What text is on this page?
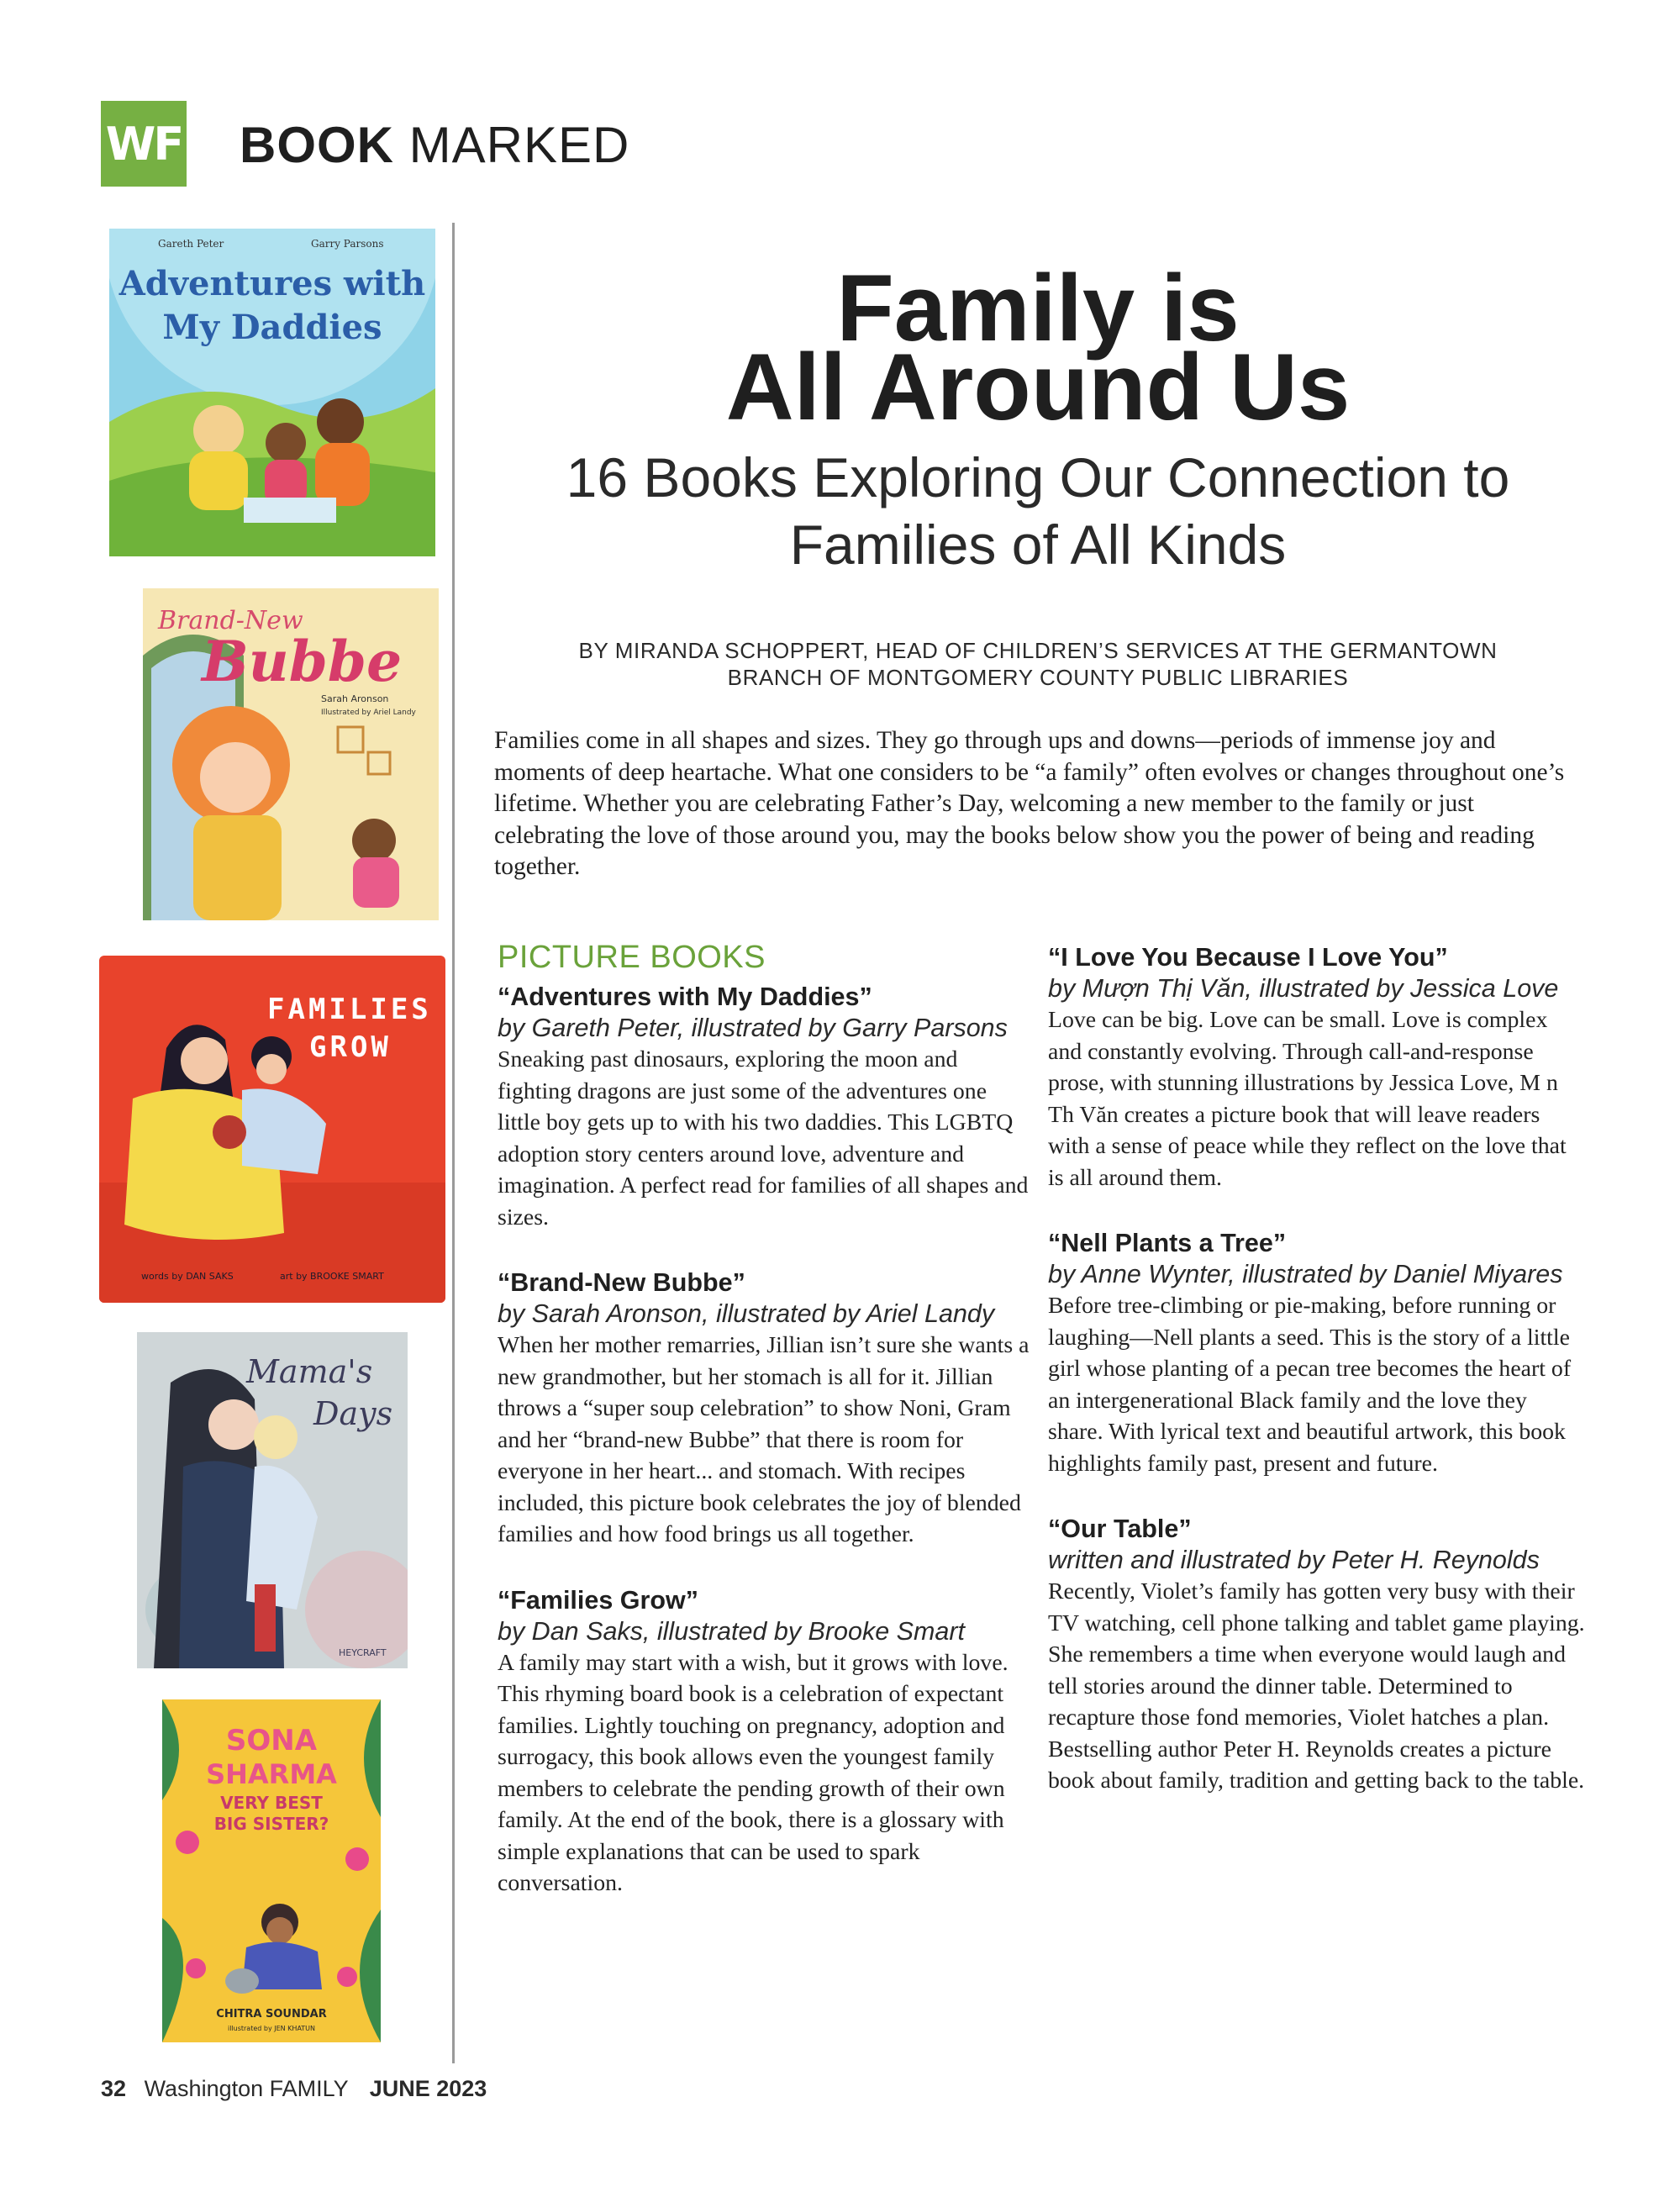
WF BOOK MARKED
Gareth Peter	Garry Parsons
Adventures with My Daddies
Brand-New
Bubbe
Sarah Aronson
Illustrated by Ariel Landy
FAMILIES
GROW
words by DAN SAKS	art by BROOKE SMART
Mama's
Days
HEYCRAFT
SONA
SHARMA
VERY BEST
BIG SISTER?
CHITRA SOUNDAR
illustrated by JEN KHATUN
Family is
All Around Us
16 Books Exploring Our Connection to
Families of All Kinds
BY MIRANDA SCHOPPERT, HEAD OF CHILDREN’S SERVICES AT THE GERMANTOWN
BRANCH OF MONTGOMERY COUNTY PUBLIC LIBRARIES
Families come in all shapes and sizes. They go through ups and downs—periods of immense joy and moments of deep heartache. What one considers to be “a family” often evolves or changes throughout one’s lifetime. Whether you are celebrating Father’s Day, welcoming a new member to the family or just celebrating the love of those around you, may the books below show you the power of being and reading together.
PICTURE BOOKS
“Adventures with My Daddies”
by Gareth Peter, illustrated by Garry Parsons
Sneaking past dinosaurs, exploring the moon and fighting dragons are just some of the adventures one little boy gets up to with his two daddies. This LGBTQ adoption story centers around love, adventure and imagination. A perfect read for families of all shapes and sizes.
“Brand-New Bubbe”
by Sarah Aronson, illustrated by Ariel Landy
When her mother remarries, Jillian isn’t sure she wants a new grandmother, but her stomach is all for it. Jillian throws a “super soup celebration” to show Noni, Gram and her “brand-new Bubbe” that there is room for everyone in her heart... and stomach. With recipes included, this picture book celebrates the joy of blended families and how food brings us all together.
“Families Grow”
by Dan Saks, illustrated by Brooke Smart
A family may start with a wish, but it grows with love. This rhyming board book is a celebration of expectant families. Lightly touching on pregnancy, adoption and surrogacy, this book allows even the youngest family members to celebrate the pending growth of their own family. At the end of the book, there is a glossary with simple explanations that can be used to spark conversation.
“I Love You Because I Love You”
by Mượn Thị Văn, illustrated by Jessica Love
Love can be big. Love can be small. Love is complex and constantly evolving. Through call-and-response prose, with stunning illustrations by Jessica Love, M n Th Văn creates a picture book that will leave readers with a sense of peace while they reflect on the love that is all around them.
“Nell Plants a Tree”
by Anne Wynter, illustrated by Daniel Miyares
Before tree-climbing or pie-making, before running or laughing—Nell plants a seed. This is the story of a little girl whose planting of a pecan tree becomes the heart of an intergenerational Black family and the love they share. With lyrical text and beautiful artwork, this book highlights family past, present and future.
“Our Table”
written and illustrated by Peter H. Reynolds
Recently, Violet’s family has gotten very busy with their TV watching, cell phone talking and tablet game playing. She remembers a time when everyone would laugh and tell stories around the dinner table. Determined to recapture those fond memories, Violet hatches a plan. Bestselling author Peter H. Reynolds creates a picture book about family, tradition and getting back to the table.
32 Washington FAMILY JUNE 2023
